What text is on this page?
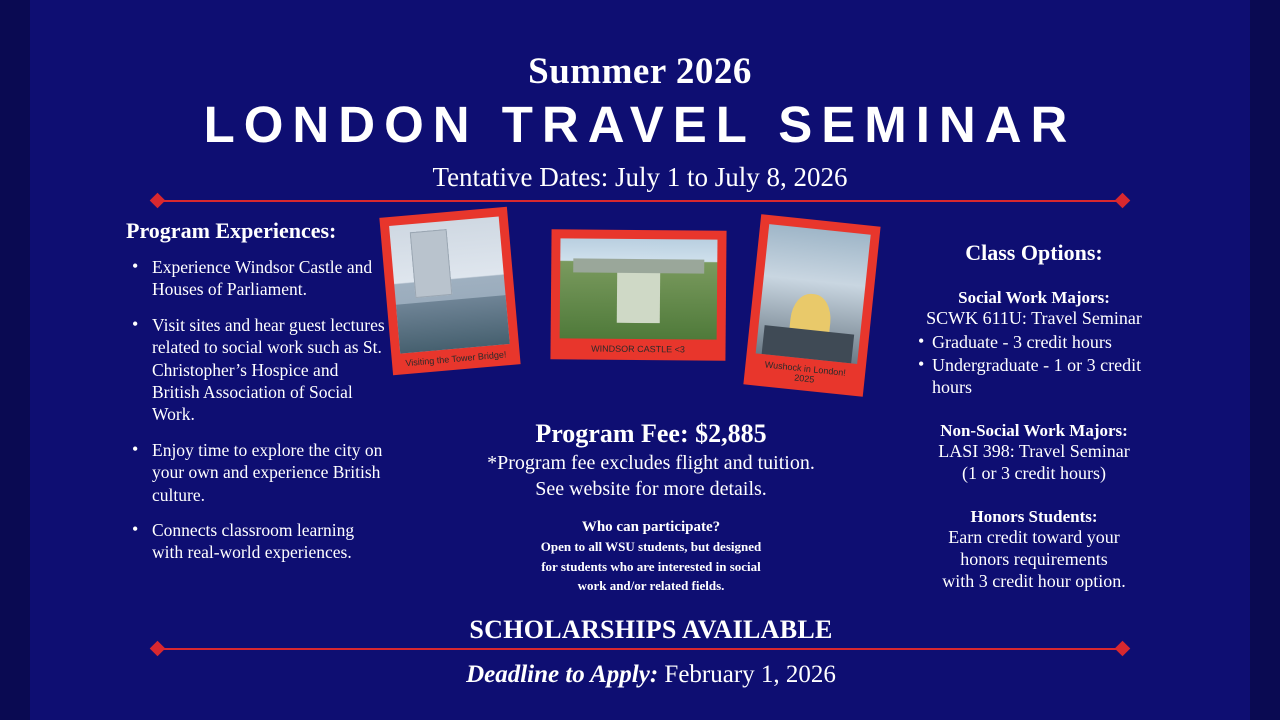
Summer 2026
LONDON TRAVEL SEMINAR
Tentative Dates: July 1 to July 8, 2026
Program Experiences:
• Experience Windsor Castle and Houses of Parliament.
• Visit sites and hear guest lectures related to social work such as St. Christopher’s Hospice and British Association of Social Work.
• Enjoy time to explore the city on your own and experience British culture.
• Connects classroom learning with real-world experiences.
Visiting the Tower Bridge!
WINDSOR CASTLE <3
Wushock in London! 2025
Program Fee: $2,885
*Program fee excludes flight and tuition.
See website for more details.
Who can participate?
Open to all WSU students, but designed
for students who are interested in social
work and/or related fields.
SCHOLARSHIPS AVAILABLE
Deadline to Apply: February 1, 2026
Class Options:
Social Work Majors:
SCWK 611U: Travel Seminar
• Graduate - 3 credit hours
• Undergraduate - 1 or 3 credit hours
Non-Social Work Majors:
LASI 398: Travel Seminar
(1 or 3 credit hours)
Honors Students:
Earn credit toward your
honors requirements
with 3 credit hour option.
